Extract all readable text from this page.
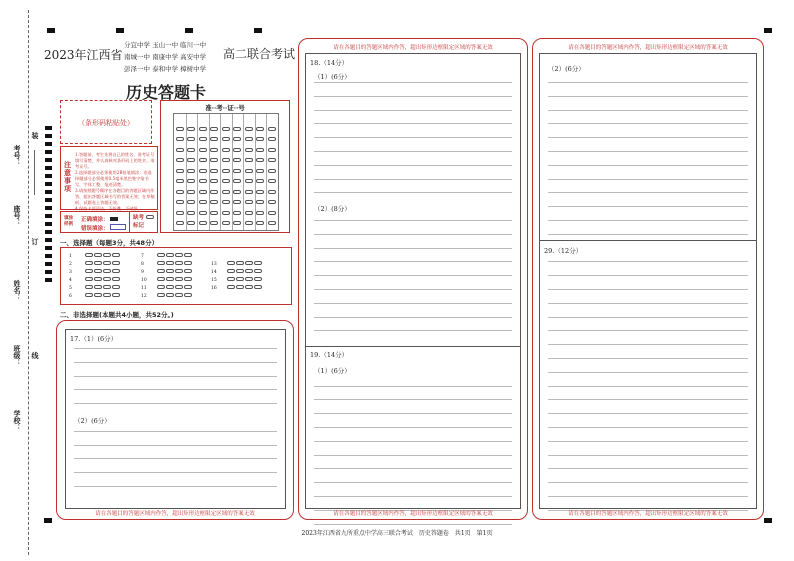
考号：
座号：
姓名：
班级：
学校：
装
订
线
2023年江西省
分宜中学 玉山一中 临川一中
南城一中 南康中学 高安中学
彭泽一中 泰和中学 樟树中学
高二联合考试
历史答题卡
（条形码粘贴处）
注意事项
1.答题前，考生先将自己的姓名、准考证号填写清楚，并认真核对条形码上的姓名、准考证号。
2.选择题部分必须使用2B铅笔填涂；非选择题部分必须使用0.5毫米黑色签字笔书写，字体工整、笔迹清楚。
3.请按照题号顺序在各题目的答题区域内作答，超出答题区域书写的答案无效；在草稿纸、试题卷上答题无效。
4.保持卡面清洁，不折叠，不破损。
填涂样例
正确填涂：
错误填涂：
缺考
标记
准··考··证··号
一、选择题（每题3分，共48分）
1
2
3
4
5
6
7
8
9
10
11
12
13
14
15
16
二、非选择题(本题共4小题，共52分。)
17.（1）(6分）
（2）(6分）
请在各题目的答题区域内作答，超出矩形边框限定区域的答案无效
请在各题目的答题区域内作答，超出矩形边框限定区域的答案无效
18.（14分）
（1）(6分）
（2）(8分）
19.（14分）
（1）(6分）
请在各题目的答题区域内作答，超出矩形边框限定区域的答案无效
请在各题目的答题区域内作答，超出矩形边框限定区域的答案无效
（2）(6分）
29.（12分）
请在各题目的答题区域内作答，超出矩形边框限定区域的答案无效
2023年江西省九所重点中学高三联合考试　历史答题卷　共1页　第1页
